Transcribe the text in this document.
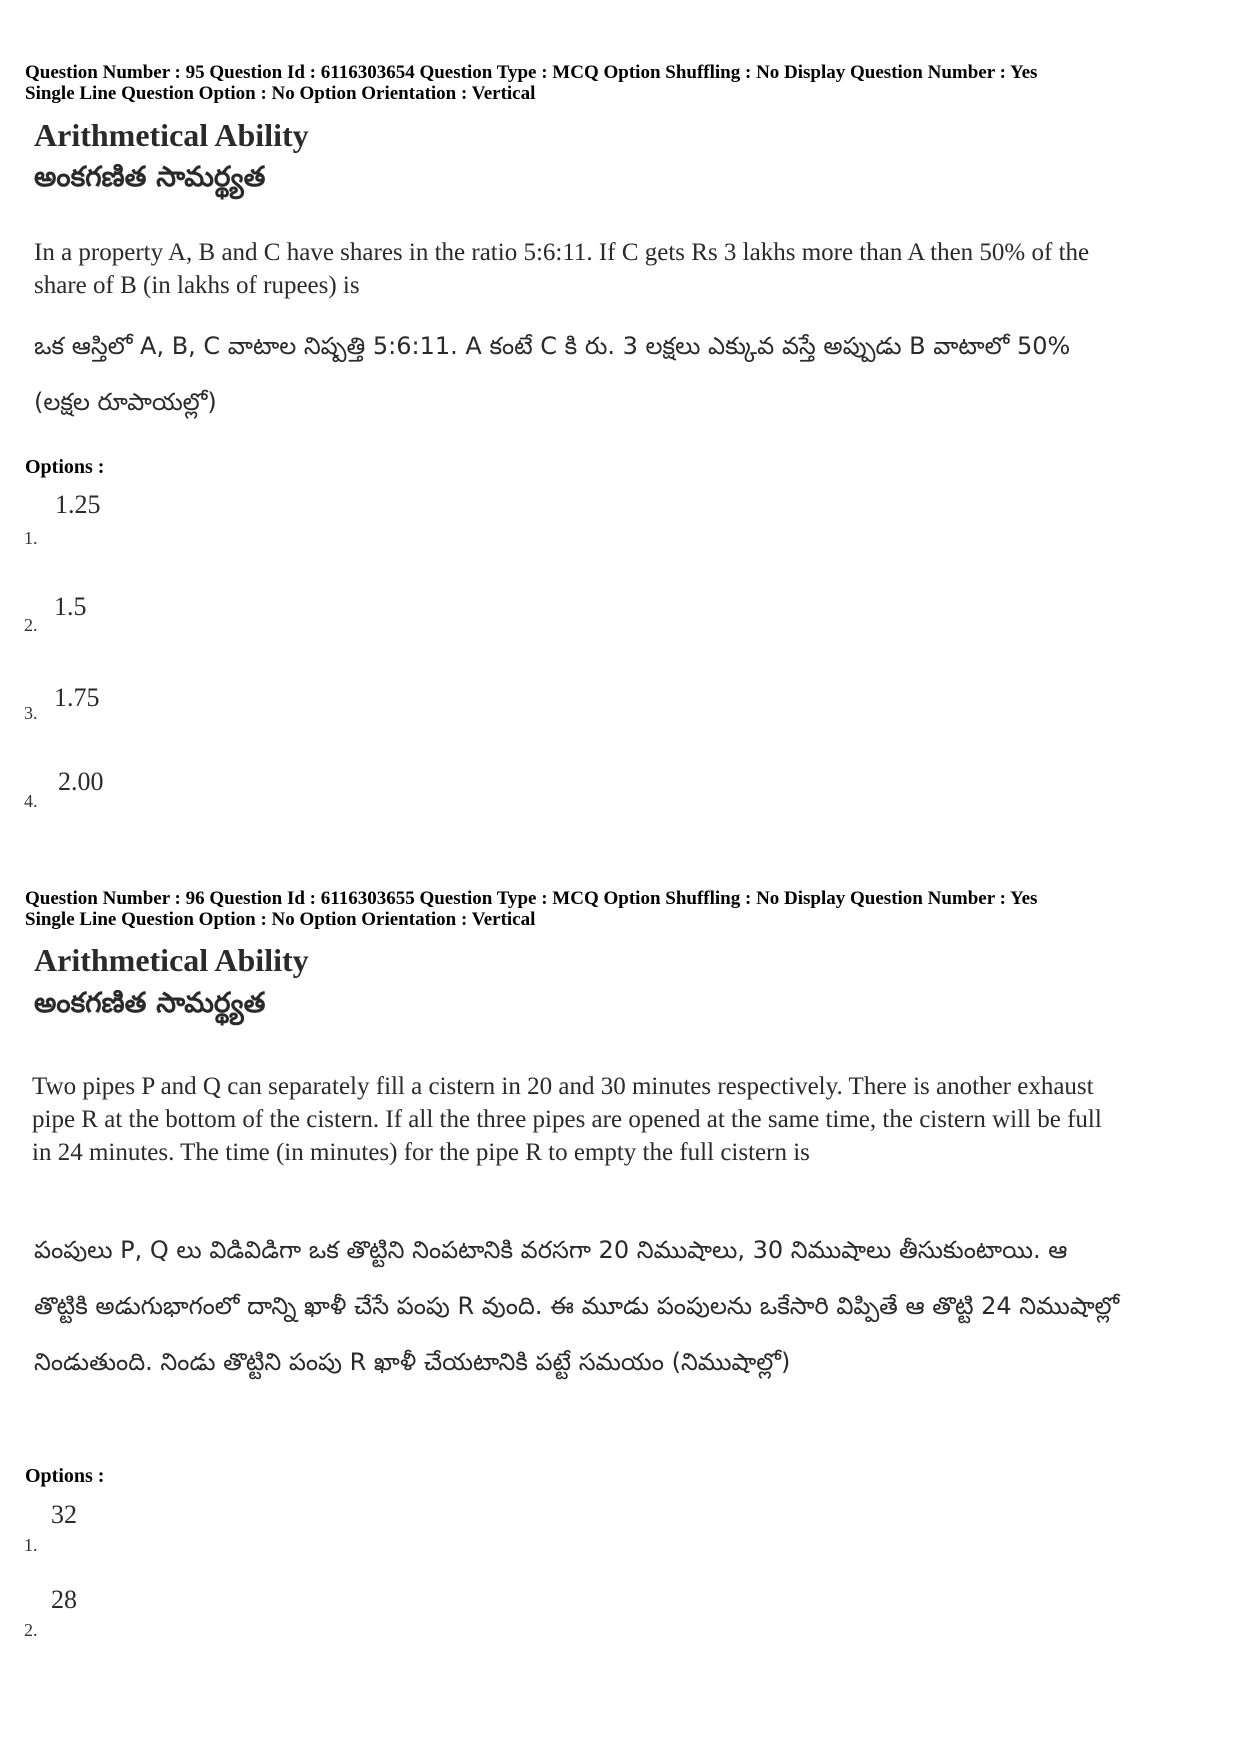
Question Number : 95 Question Id : 6116303654 Question Type : MCQ Option Shuffling : No Display Question Number : Yes
Single Line Question Option : No Option Orientation : Vertical
Arithmetical Ability
అంకగణిత సామర్థ్యత
In a property A, B and C have shares in the ratio 5:6:11. If C gets Rs 3 lakhs more than A then 50% of the share of B (in lakhs of rupees) is
ఒక ఆస్తిలో A, B, C వాటాల నిష్పత్తి 5:6:11. A కంటే C కి రు. 3 లక్షలు ఎక్కువ వస్తే అప్పుడు B వాటాలో 50% (లక్షల రూపాయల్లో)
Options :
1.
1.25
2.
1.5
3.
1.75
4.
2.00
Question Number : 96 Question Id : 6116303655 Question Type : MCQ Option Shuffling : No Display Question Number : Yes
Single Line Question Option : No Option Orientation : Vertical
Arithmetical Ability
అంకగణిత సామర్థ్యత
Two pipes P and Q can separately fill a cistern in 20 and 30 minutes respectively. There is another exhaust pipe R at the bottom of the cistern. If all the three pipes are opened at the same time, the cistern will be full in 24 minutes. The time (in minutes) for the pipe R to empty the full cistern is
పంపులు P, Q లు విడివిడిగా ఒక తొట్టిని నింపటానికి వరసగా 20 నిముషాలు, 30 నిముషాలు తీసుకుంటాయి. ఆ తొట్టికి అడుగుభాగంలో దాన్ని ఖాళీ చేసే పంపు R వుంది. ఈ మూడు పంపులను ఒకేసారి విప్పితే ఆ తొట్టి 24 నిముషాల్లో నిండుతుంది. నిండు తొట్టిని పంపు R ఖాళీ చేయటానికి పట్టే సమయం (నిముషాల్లో)
Options :
1.
32
2.
28
